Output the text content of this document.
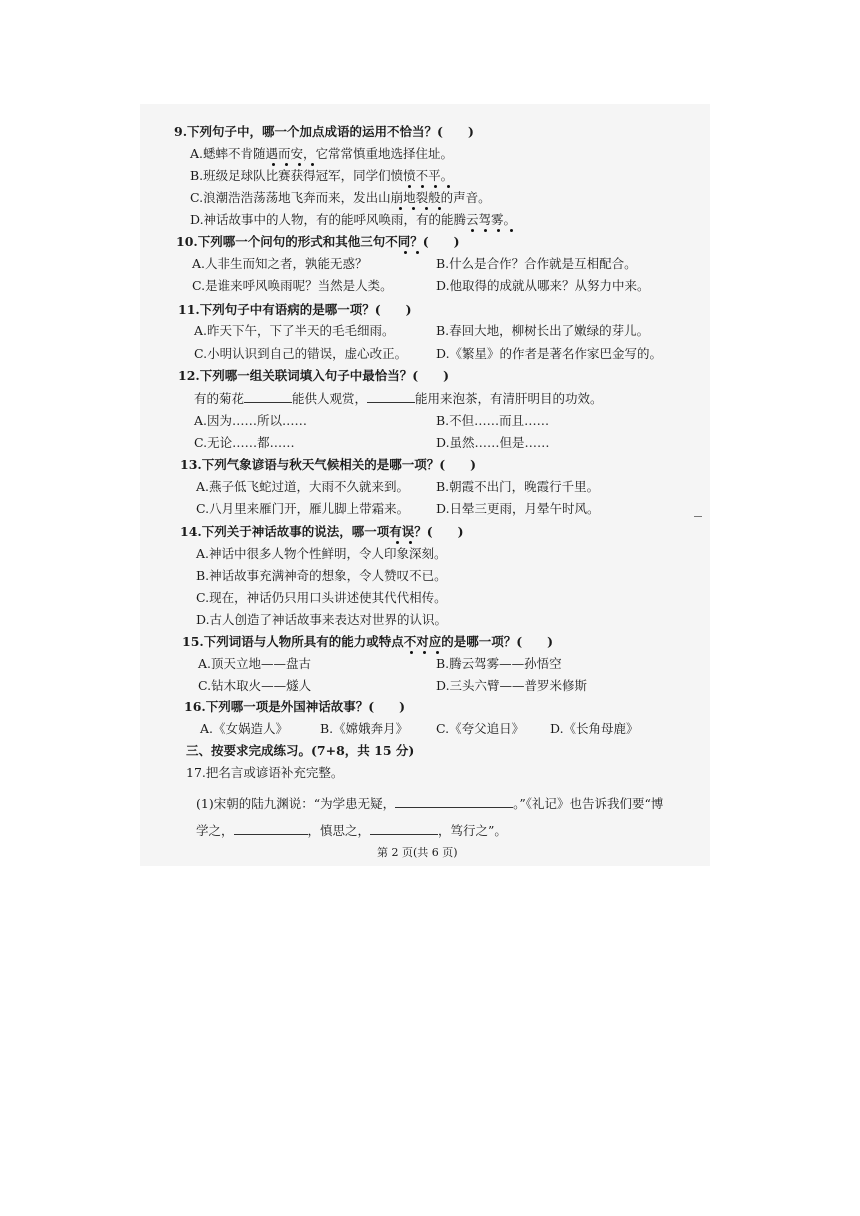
9.下列句子中，哪一个加点成语的运用不恰当？(　　)
A.蟋蟀不肯随遇而安，它常常慎重地选择住址。
B.班级足球队比赛获得冠军，同学们愤愤不平。
C.浪潮浩浩荡荡地飞奔而来，发出山崩地裂般的声音。
D.神话故事中的人物，有的能呼风唤雨，有的能腾云驾雾。
10.下列哪一个问句的形式和其他三句不同？(　　)
A.人非生而知之者，孰能无惑？	B.什么是合作？合作就是互相配合。
C.是谁来呼风唤雨呢？当然是人类。	D.他取得的成就从哪来？从努力中来。
11.下列句子中有语病的是哪一项？(　　)
A.昨天下午，下了半天的毛毛细雨。	B.春回大地，柳树长出了嫩绿的芽儿。
C.小明认识到自己的错误，虚心改正。 D.《繁星》的作者是著名作家巴金写的。
12.下列哪一组关联词填入句子中最恰当？(　　)
有的菊花	能供人观赏，	能用来泡茶，有清肝明目的功效。
A.因为……所以……	B.不但……而且……
C.无论……都……	D.虽然……但是……
13.下列气象谚语与秋天气候相关的是哪一项？(　　)
A.燕子低飞蛇过道，大雨不久就来到。 B.朝霞不出门，晚霞行千里。
C.八月里来雁门开，雁儿脚上带霜来。 D.日晕三更雨，月晕午时风。
14.下列关于神话故事的说法，哪一项有误？(　　)
A.神话中很多人物个性鲜明，令人印象深刻。
B.神话故事充满神奇的想象，令人赞叹不已。
C.现在，神话仍只用口头讲述使其代代相传。
D.古人创造了神话故事来表达对世界的认识。
15.下列词语与人物所具有的能力或特点不对应的是哪一项？(　　)
A.顶天立地——盘古	B.腾云驾雾——孙悟空
C.钻木取火——燧人	D.三头六臂——普罗米修斯
16.下列哪一项是外国神话故事？(　　)
A.《女娲造人》	B.《嫦娥奔月》 C.《夸父追日》 D.《长角母鹿》
三、按要求完成练习。(7+8，共 15 分)
17.把名言或谚语补充完整。
(1)宋朝的陆九渊说：“为学患无疑，	。”《礼记》也告诉我们要“博
学之，	，慎思之，	，笃行之”。
第 2 页(共 6 页)
